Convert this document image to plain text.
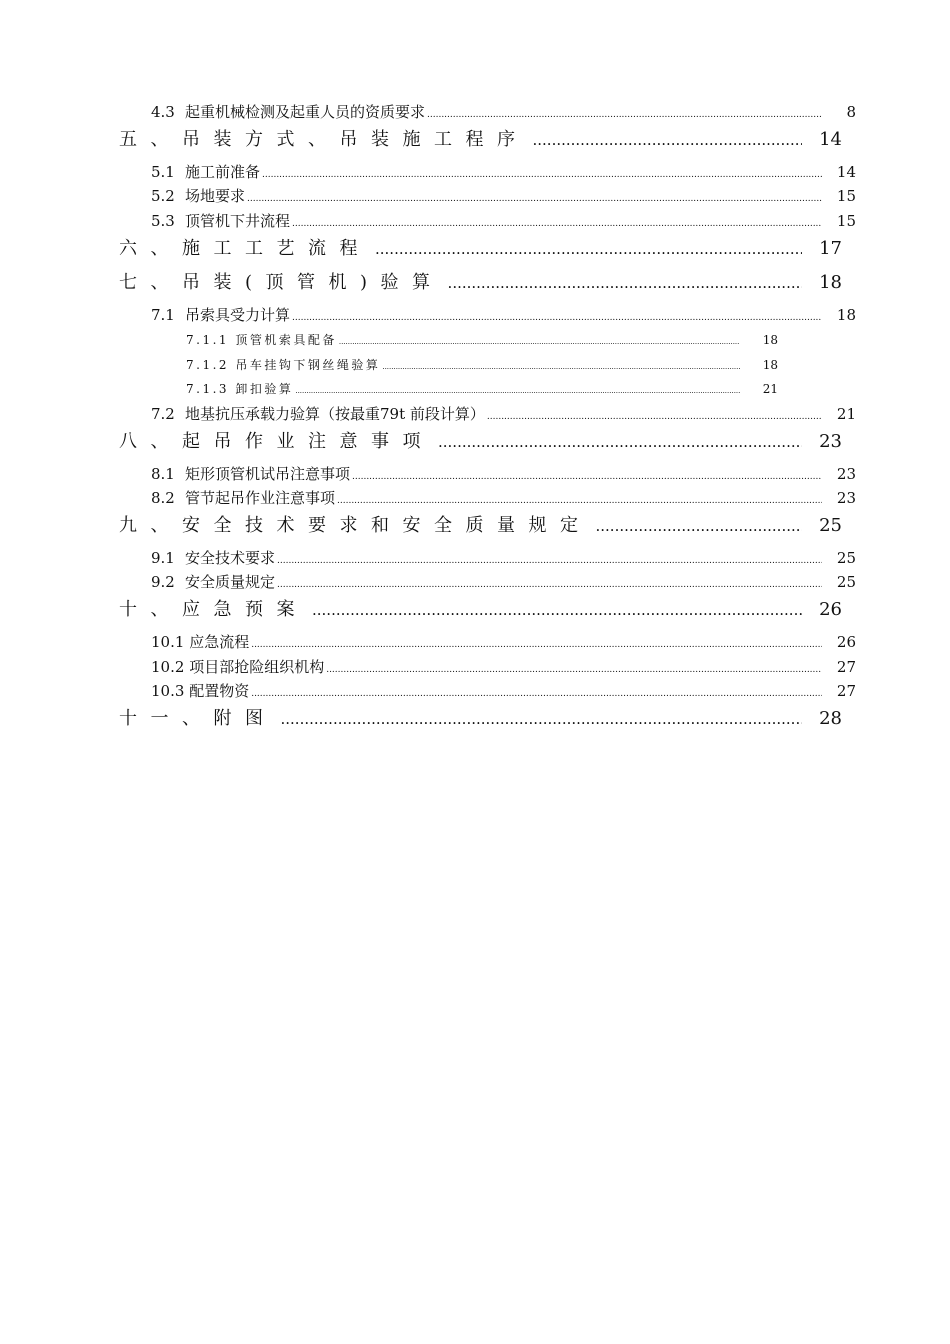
4.3 起重机械检测及起重人员的资质要求 .....	8
五、吊装方式、吊装施工程序 .....	14
5.1 施工前准备 .....	14
5.2 场地要求 .....	15
5.3 顶管机下井流程 .....	15
六、施工工艺流程 .....	17
七、吊装(顶管机)验算 .....	18
7.1 吊索具受力计算 .....	18
7.1.1 顶管机索具配备 .....	18
7.1.2 吊车挂钩下钢丝绳验算 .....	18
7.1.3 卸扣验算 .....	21
7.2 地基抗压承载力验算（按最重79t 前段计算） .....	21
八、起吊作业注意事项 .....	23
8.1 矩形顶管机试吊注意事项 .....	23
8.2 管节起吊作业注意事项 .....	23
九、安全技术要求和安全质量规定 .....	25
9.1 安全技术要求 .....	25
9.2 安全质量规定 .....	25
十、应急预案 .....	26
10.1 应急流程 .....	26
10.2 项目部抢险组织机构 .....	27
10.3 配置物资 .....	27
十一、附图 .....	28
